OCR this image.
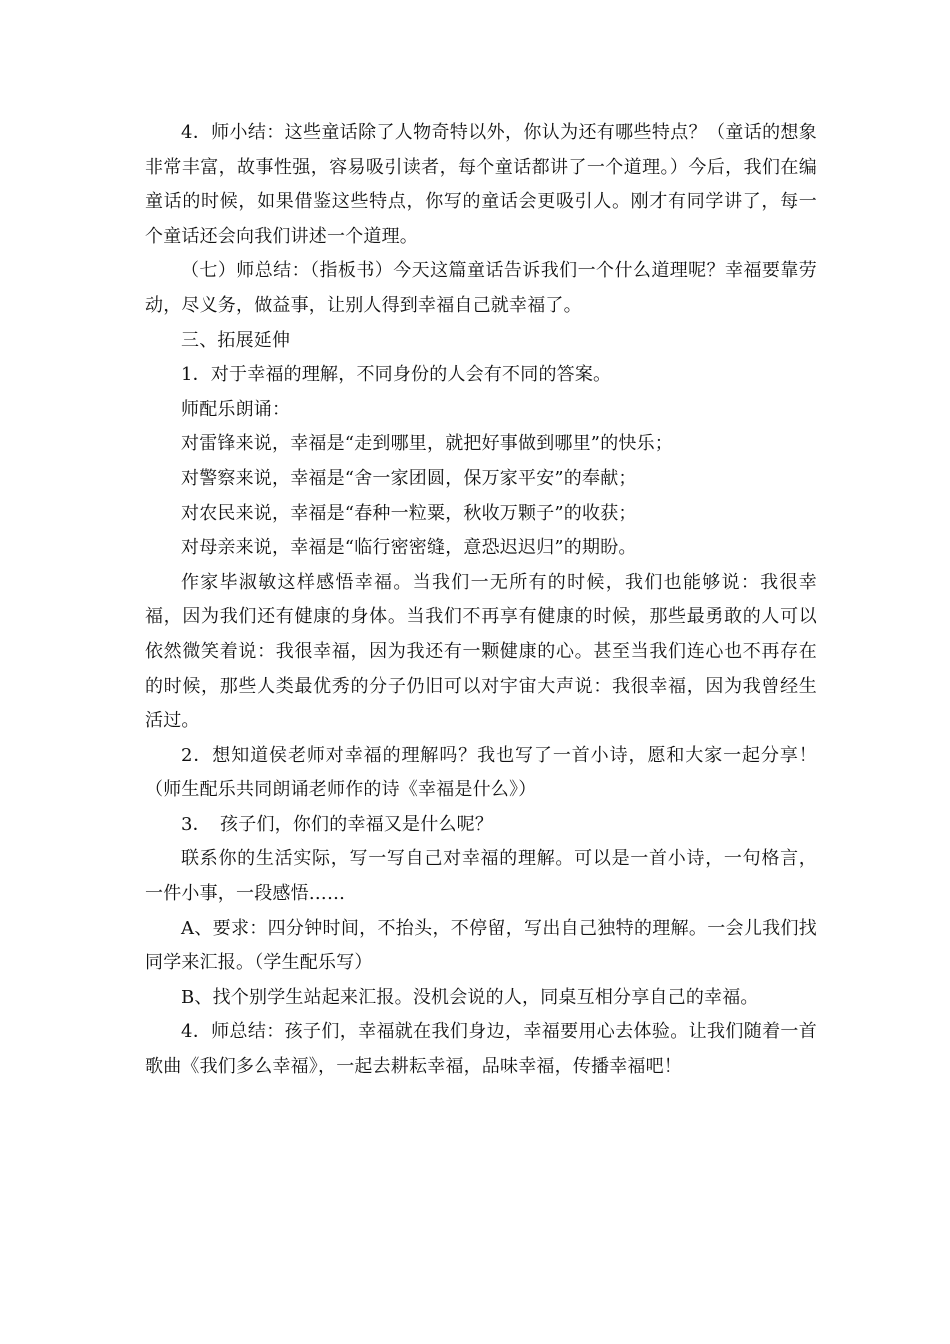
4．师小结：这些童话除了人物奇特以外，你认为还有哪些特点？（童话的想象非常丰富，故事性强，容易吸引读者，每个童话都讲了一个道理。）今后，我们在编童话的时候，如果借鉴这些特点，你写的童话会更吸引人。刚才有同学讲了，每一个童话还会向我们讲述一个道理。

（七）师总结：（指板书）今天这篇童话告诉我们一个什么道理呢？幸福要靠劳动，尽义务，做益事，让别人得到幸福自己就幸福了。

三、拓展延伸

1．对于幸福的理解，不同身份的人会有不同的答案。

师配乐朗诵：

对雷锋来说，幸福是“走到哪里，就把好事做到哪里”的快乐；

对警察来说，幸福是“舍一家团圆，保万家平安”的奉献；

对农民来说，幸福是“春种一粒粟，秋收万颗子”的收获；

对母亲来说，幸福是“临行密密缝，意恐迟迟归”的期盼。

作家毕淑敏这样感悟幸福。当我们一无所有的时候，我们也能够说：我很幸福，因为我们还有健康的身体。当我们不再享有健康的时候，那些最勇敢的人可以依然微笑着说：我很幸福，因为我还有一颗健康的心。甚至当我们连心也不再存在的时候，那些人类最优秀的分子仍旧可以对宇宙大声说：我很幸福，因为我曾经生活过。

2．想知道侯老师对幸福的理解吗？我也写了一首小诗，愿和大家一起分享！（师生配乐共同朗诵老师作的诗《幸福是什么》）

3．　孩子们，你们的幸福又是什么呢？

联系你的生活实际，写一写自己对幸福的理解。可以是一首小诗，一句格言，一件小事，一段感悟……

A、要求：四分钟时间，不抬头，不停留，写出自己独特的理解。一会儿我们找同学来汇报。（学生配乐写）

B、找个别学生站起来汇报。没机会说的人，同桌互相分享自己的幸福。

4．师总结：孩子们，幸福就在我们身边，幸福要用心去体验。让我们随着一首歌曲《我们多么幸福》，一起去耕耘幸福，品味幸福，传播幸福吧！
